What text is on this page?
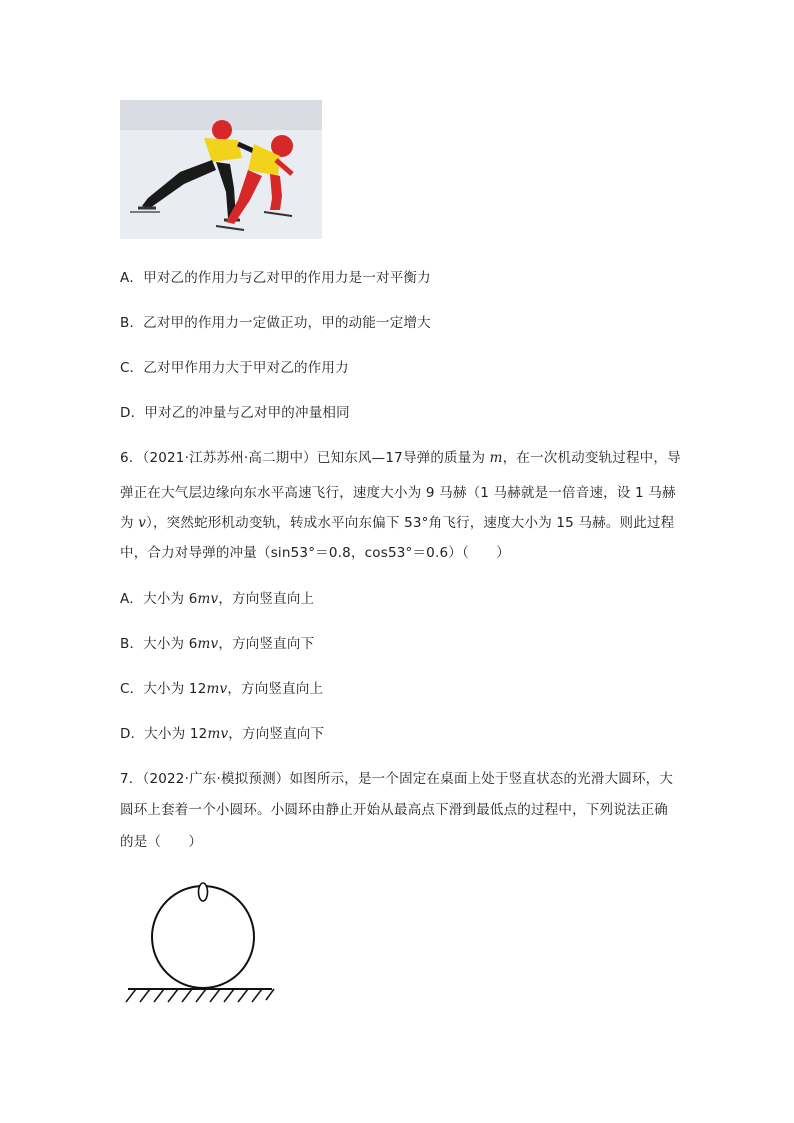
A．甲对乙的作用力与乙对甲的作用力是一对平衡力
B．乙对甲的作用力一定做正功，甲的动能一定增大
C．乙对甲作用力大于甲对乙的作用力
D．甲对乙的冲量与乙对甲的冲量相同
6．（2021·江苏苏州·高二期中）已知东风—17导弹的质量为 m，在一次机动变轨过程中，导
弹正在大气层边缘向东水平高速飞行，速度大小为 9 马赫（1 马赫就是一倍音速，设 1 马赫
为 v），突然蛇形机动变轨，转成水平向东偏下 53°角飞行，速度大小为 15 马赫。则此过程
中，合力对导弹的冲量（sin53°＝0.8，cos53°＝0.6）（　　）
A．大小为 6mv，方向竖直向上
B．大小为 6mv，方向竖直向下
C．大小为 12mv，方向竖直向上
D．大小为 12mv，方向竖直向下
7．（2022·广东·模拟预测）如图所示，是一个固定在桌面上处于竖直状态的光滑大圆环，大
圆环上套着一个小圆环。小圆环由静止开始从最高点下滑到最低点的过程中，下列说法正确
的是（　　）
